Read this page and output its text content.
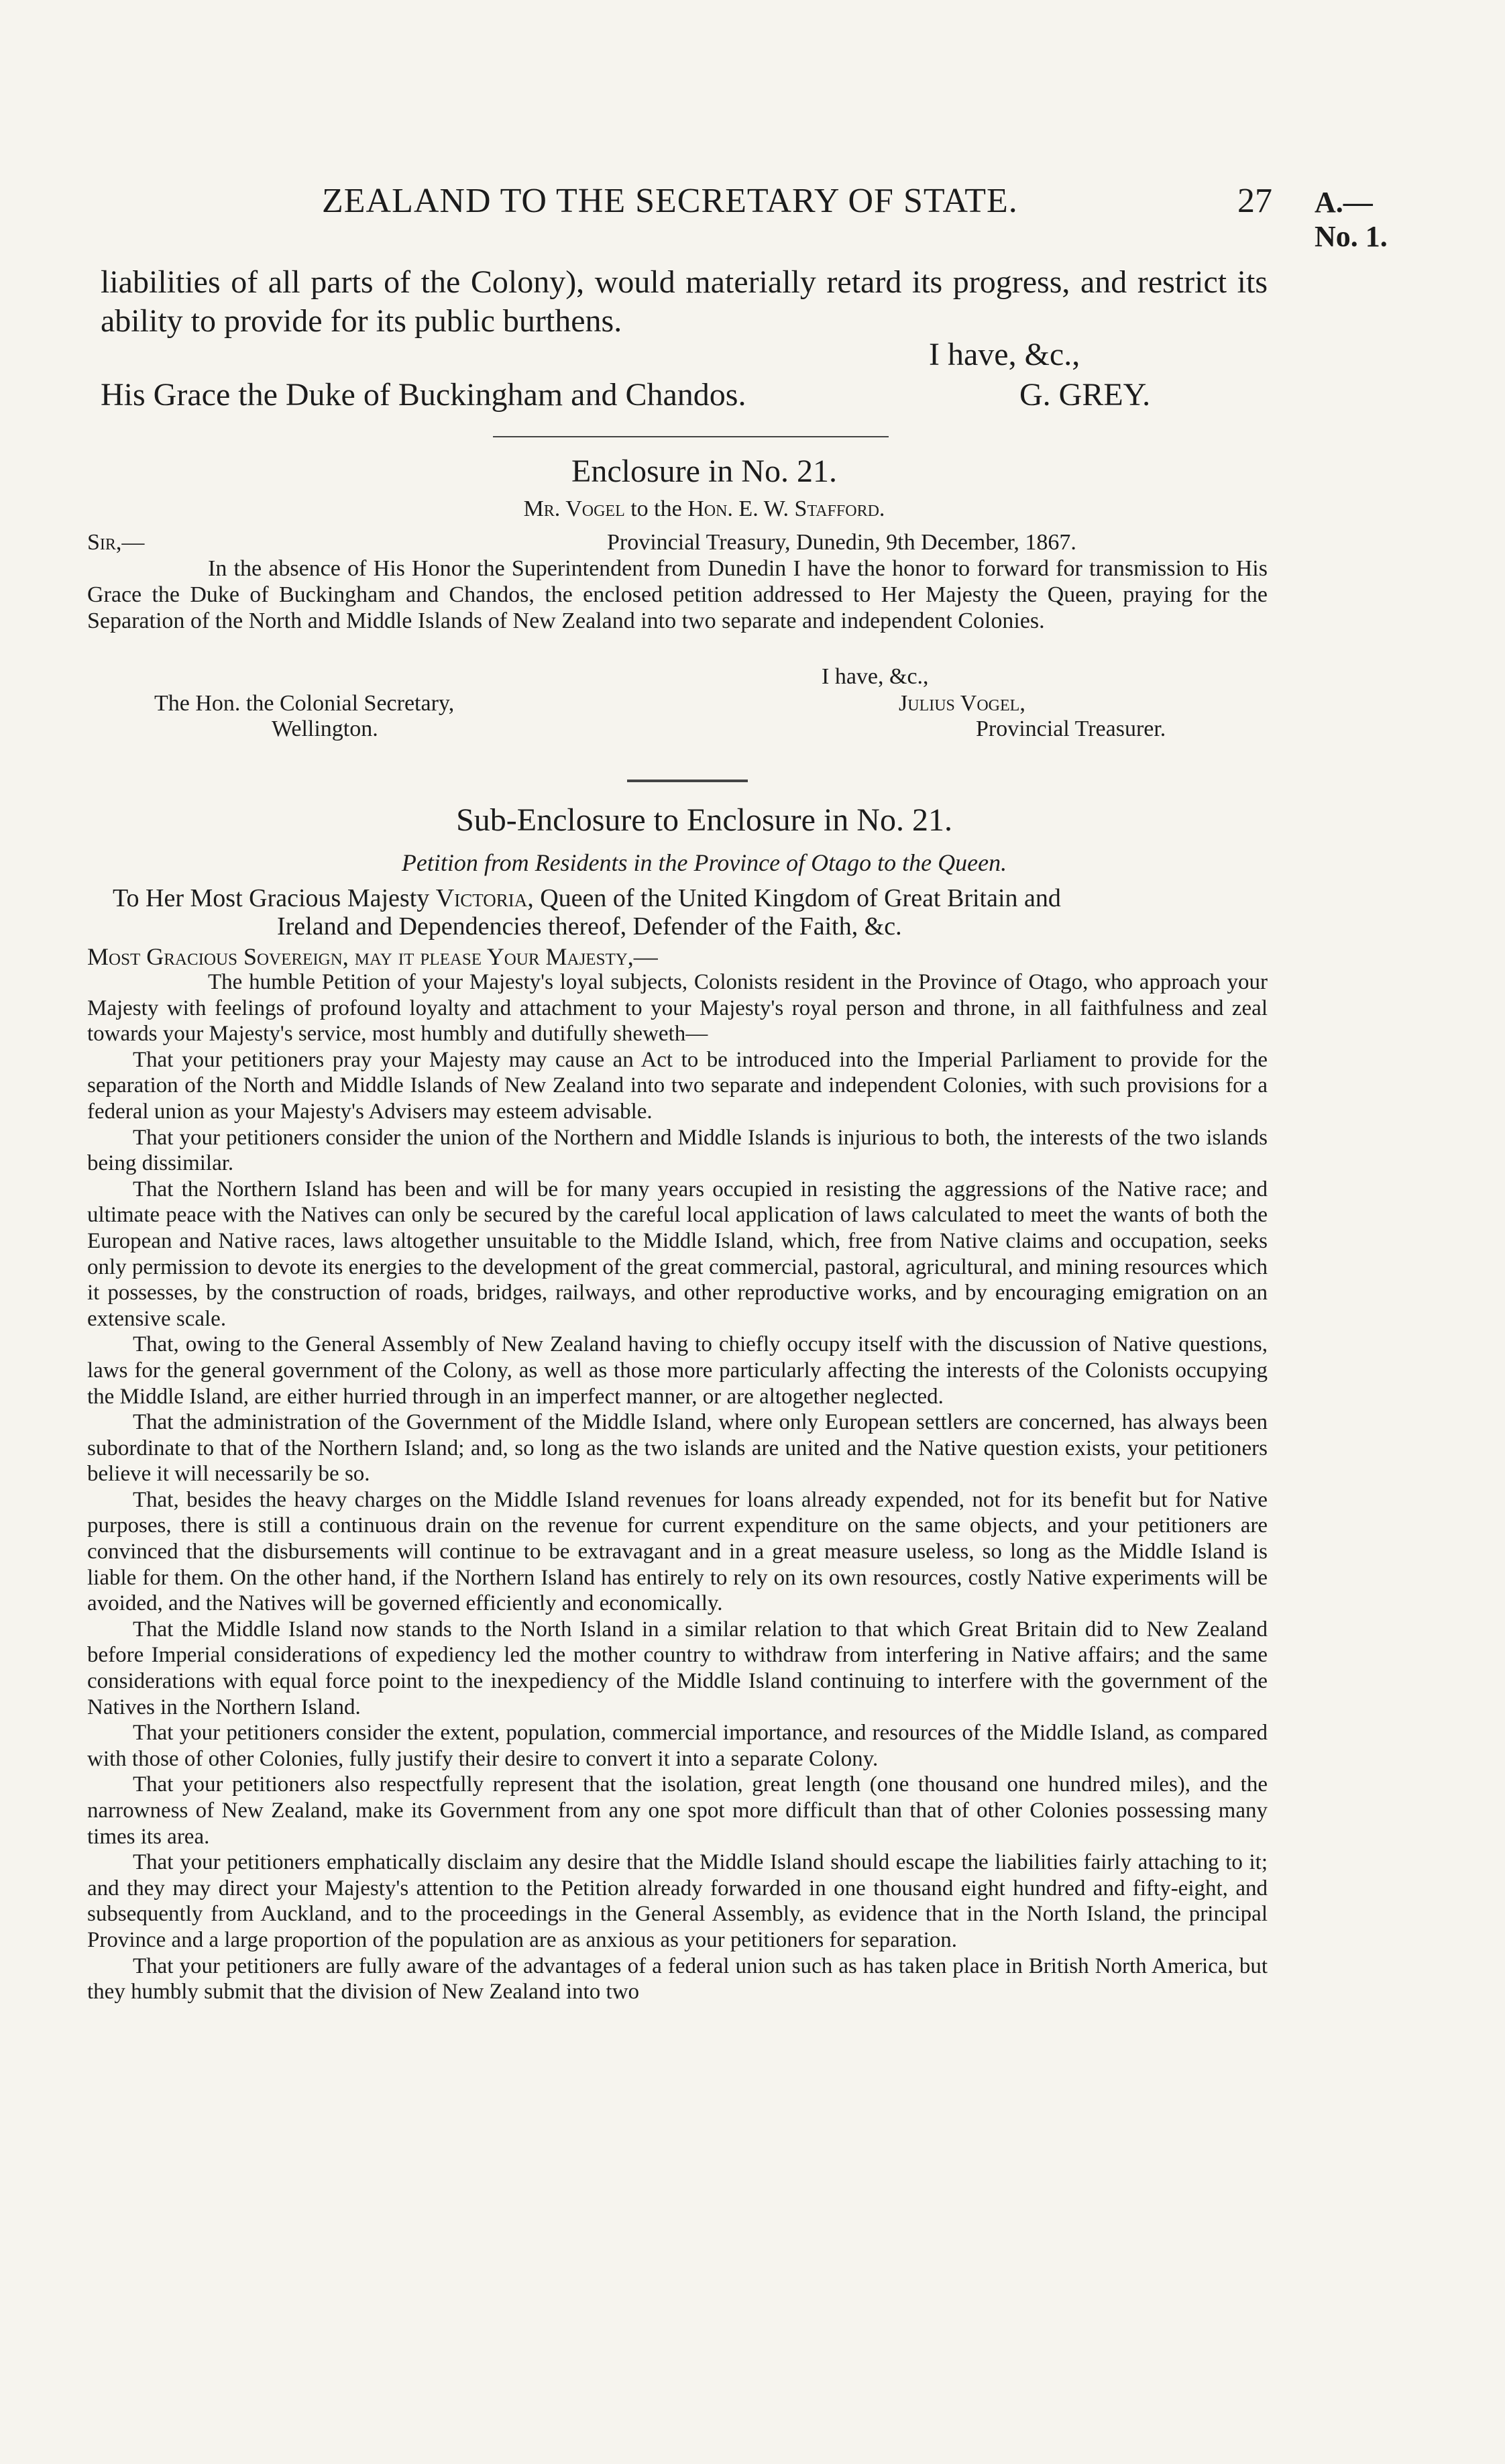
ZEALAND TO THE SECRETARY OF STATE.	27 A.—No. 1.
liabilities of all parts of the Colony), would materially retard its progress, and restrict its ability to provide for its public burthens.
I have, &c.,
His Grace the Duke of Buckingham and Chandos.	G. GREY.
Enclosure in No. 21.
Mr. Vogel to the Hon. E. W. Stafford.
Sir,—	Provincial Treasury, Dunedin, 9th December, 1867.
In the absence of His Honor the Superintendent from Dunedin I have the honor to forward for transmission to His Grace the Duke of Buckingham and Chandos, the enclosed petition addressed to Her Majesty the Queen, praying for the Separation of the North and Middle Islands of New Zealand into two separate and independent Colonies.
I have, &c.,
The Hon. the Colonial Secretary,	Julius Vogel,
Wellington.	Provincial Treasurer.
Sub-Enclosure to Enclosure in No. 21.
Petition from Residents in the Province of Otago to the Queen.
To Her Most Gracious Majesty Victoria, Queen of the United Kingdom of Great Britain and
Ireland and Dependencies thereof, Defender of the Faith, &c.
Most Gracious Sovereign, may it please Your Majesty,—

The humble Petition of your Majesty's loyal subjects, Colonists resident in the Province of Otago, who approach your Majesty with feelings of profound loyalty and attachment to your Majesty's royal person and throne, in all faithfulness and zeal towards your Majesty's service, most humbly and dutifully sheweth—

That your petitioners pray your Majesty may cause an Act to be introduced into the Imperial Parliament to provide for the separation of the North and Middle Islands of New Zealand into two separate and independent Colonies, with such provisions for a federal union as your Majesty's Advisers may esteem advisable.

That your petitioners consider the union of the Northern and Middle Islands is injurious to both, the interests of the two islands being dissimilar.

That the Northern Island has been and will be for many years occupied in resisting the aggressions of the Native race; and ultimate peace with the Natives can only be secured by the careful local application of laws calculated to meet the wants of both the European and Native races, laws altogether unsuitable to the Middle Island, which, free from Native claims and occupation, seeks only permission to devote its energies to the development of the great commercial, pastoral, agricultural, and mining resources which it possesses, by the construction of roads, bridges, railways, and other reproductive works, and by encouraging emigration on an extensive scale.

That, owing to the General Assembly of New Zealand having to chiefly occupy itself with the discussion of Native questions, laws for the general government of the Colony, as well as those more particularly affecting the interests of the Colonists occupying the Middle Island, are either hurried through in an imperfect manner, or are altogether neglected.

That the administration of the Government of the Middle Island, where only European settlers are concerned, has always been subordinate to that of the Northern Island; and, so long as the two islands are united and the Native question exists, your petitioners believe it will necessarily be so.

That, besides the heavy charges on the Middle Island revenues for loans already expended, not for its benefit but for Native purposes, there is still a continuous drain on the revenue for current expenditure on the same objects, and your petitioners are convinced that the disbursements will continue to be extravagant and in a great measure useless, so long as the Middle Island is liable for them. On the other hand, if the Northern Island has entirely to rely on its own resources, costly Native experiments will be avoided, and the Natives will be governed efficiently and economically.

That the Middle Island now stands to the North Island in a similar relation to that which Great Britain did to New Zealand before Imperial considerations of expediency led the mother country to withdraw from interfering in Native affairs; and the same considerations with equal force point to the inexpediency of the Middle Island continuing to interfere with the government of the Natives in the Northern Island.

That your petitioners consider the extent, population, commercial importance, and resources of the Middle Island, as compared with those of other Colonies, fully justify their desire to convert it into a separate Colony.

That your petitioners also respectfully represent that the isolation, great length (one thousand one hundred miles), and the narrowness of New Zealand, make its Government from any one spot more difficult than that of other Colonies possessing many times its area.

That your petitioners emphatically disclaim any desire that the Middle Island should escape the liabilities fairly attaching to it; and they may direct your Majesty's attention to the Petition already forwarded in one thousand eight hundred and fifty-eight, and subsequently from Auckland, and to the proceedings in the General Assembly, as evidence that in the North Island, the principal Province and a large proportion of the population are as anxious as your petitioners for separation.

That your petitioners are fully aware of the advantages of a federal union such as has taken place in British North America, but they humbly submit that the division of New Zealand into two
